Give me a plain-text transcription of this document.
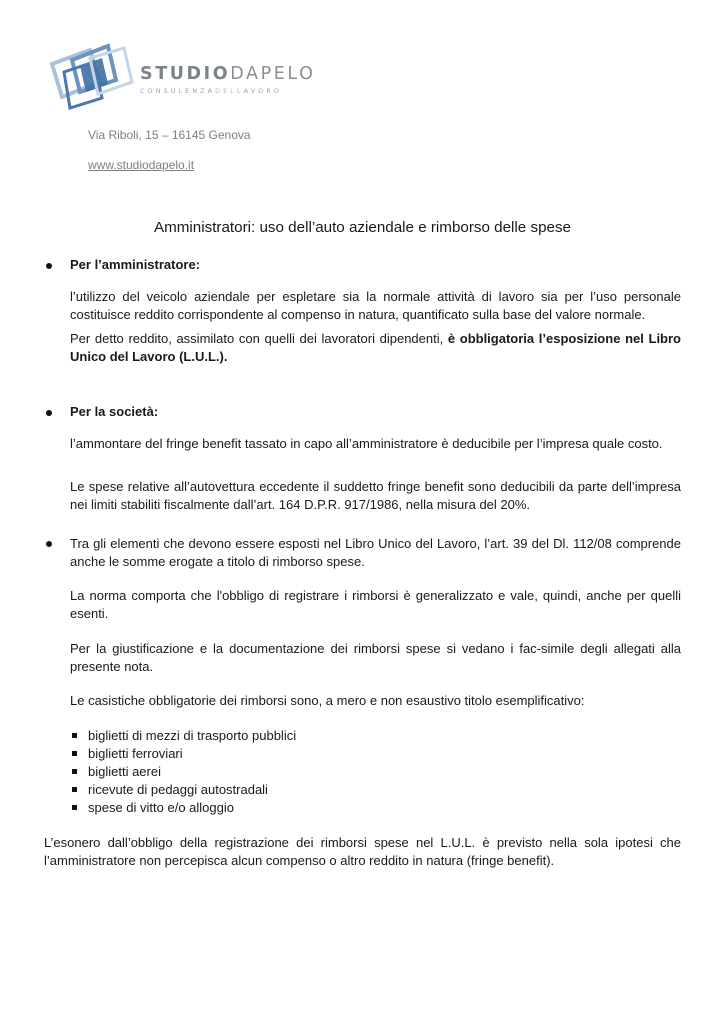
STUDIODAPELO
CONSULENZADELLAVORO
Via Riboli, 15 – 16145 Genova
www.studiodapelo.it
Amministratori: uso dell’auto aziendale e rimborso delle spese
Per l’amministratore:

l’utilizzo del veicolo aziendale per espletare sia la normale attività di lavoro sia per l’uso personale costituisce reddito corrispondente al compenso in natura, quantificato sulla base del valore normale.

Per detto reddito, assimilato con quelli dei lavoratori dipendenti, è obbligatoria l’esposizione nel Libro Unico del Lavoro (L.U.L.).

Per la società:

l’ammontare del fringe benefit tassato in capo all’amministratore è deducibile per l’impresa quale costo.

Le spese relative all’autovettura eccedente il suddetto fringe benefit sono deducibili da parte dell’impresa nei limiti stabiliti fiscalmente dall’art. 164 D.P.R. 917/1986, nella misura del 20%.

Tra gli elementi che devono essere esposti nel Libro Unico del Lavoro, l’art. 39 del Dl. 112/08 comprende anche le somme erogate a titolo di rimborso spese.

La norma comporta che l'obbligo di registrare i rimborsi è generalizzato e vale, quindi, anche per quelli esenti.

Per la giustificazione e la documentazione dei rimborsi spese si vedano i fac-simile degli allegati alla presente nota.

Le casistiche obbligatorie dei rimborsi sono, a mero e non esaustivo titolo esemplificativo:

biglietti di mezzi di trasporto pubblici
biglietti ferroviari
biglietti aerei
ricevute di pedaggi autostradali
spese di vitto e/o alloggio

L’esonero dall’obbligo della registrazione dei rimborsi spese nel L.U.L. è previsto nella sola ipotesi che l’amministratore non percepisca alcun compenso o altro reddito in natura (fringe benefit).
